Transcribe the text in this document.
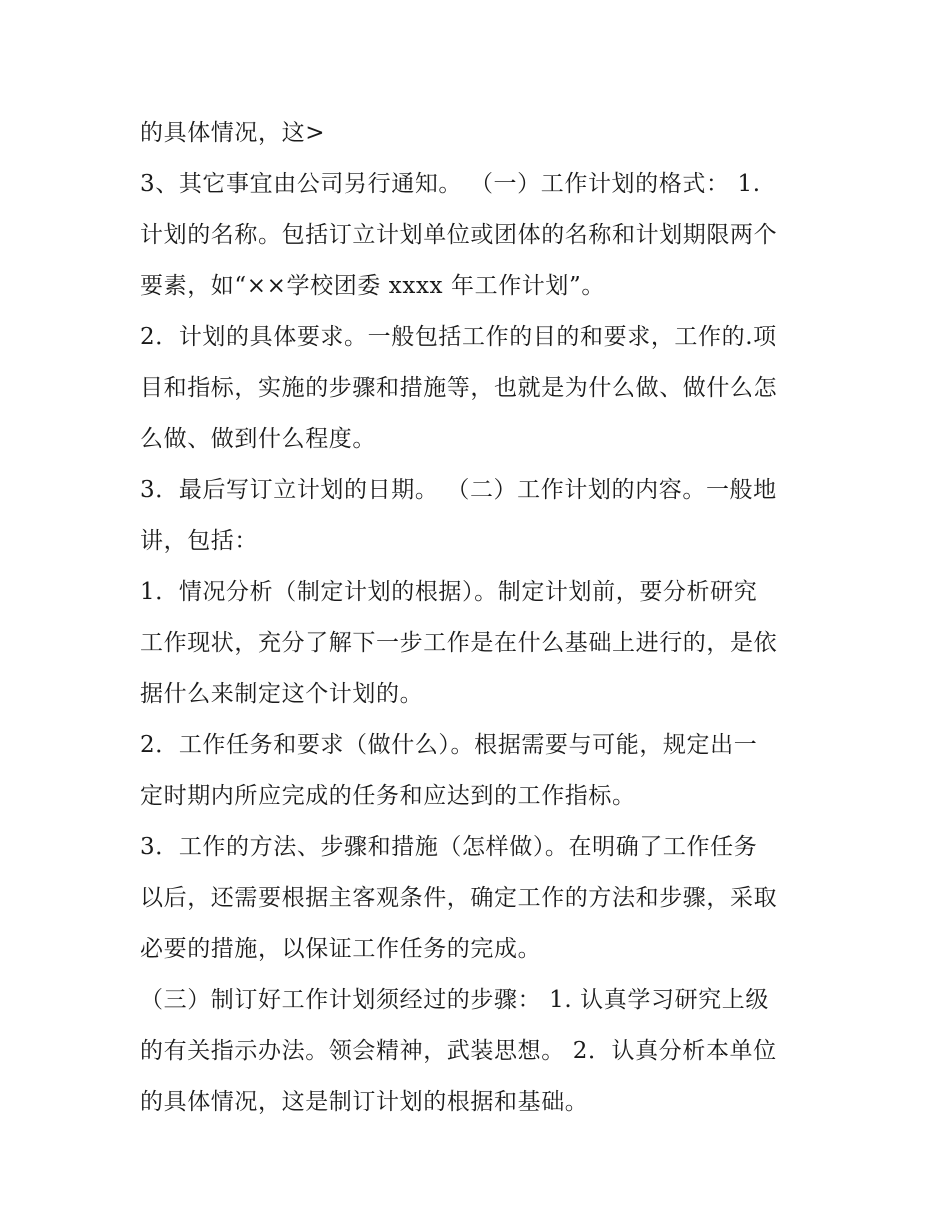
的具体情况，这>
3、其它事宜由公司另行通知。 （一）工作计划的格式： 1.
计划的名称。包括订立计划单位或团体的名称和计划期限两个
要素，如“××学校团委 xxxx 年工作计划”。
2．计划的具体要求。一般包括工作的目的和要求，工作的.项
目和指标，实施的步骤和措施等，也就是为什么做、做什么怎
么做、做到什么程度。
3．最后写订立计划的日期。 （二）工作计划的内容。一般地
讲，包括：
1．情况分析（制定计划的根据）。制定计划前，要分析研究
工作现状，充分了解下一步工作是在什么基础上进行的，是依
据什么来制定这个计划的。
2．工作任务和要求（做什么）。根据需要与可能，规定出一
定时期内所应完成的任务和应达到的工作指标。
3．工作的方法、步骤和措施（怎样做）。在明确了工作任务
以后，还需要根据主客观条件，确定工作的方法和步骤，采取
必要的措施，以保证工作任务的完成。
（三）制订好工作计划须经过的步骤： 1. 认真学习研究上级
的有关指示办法。领会精神，武装思想。 2．认真分析本单位
的具体情况，这是制订计划的根据和基础。
